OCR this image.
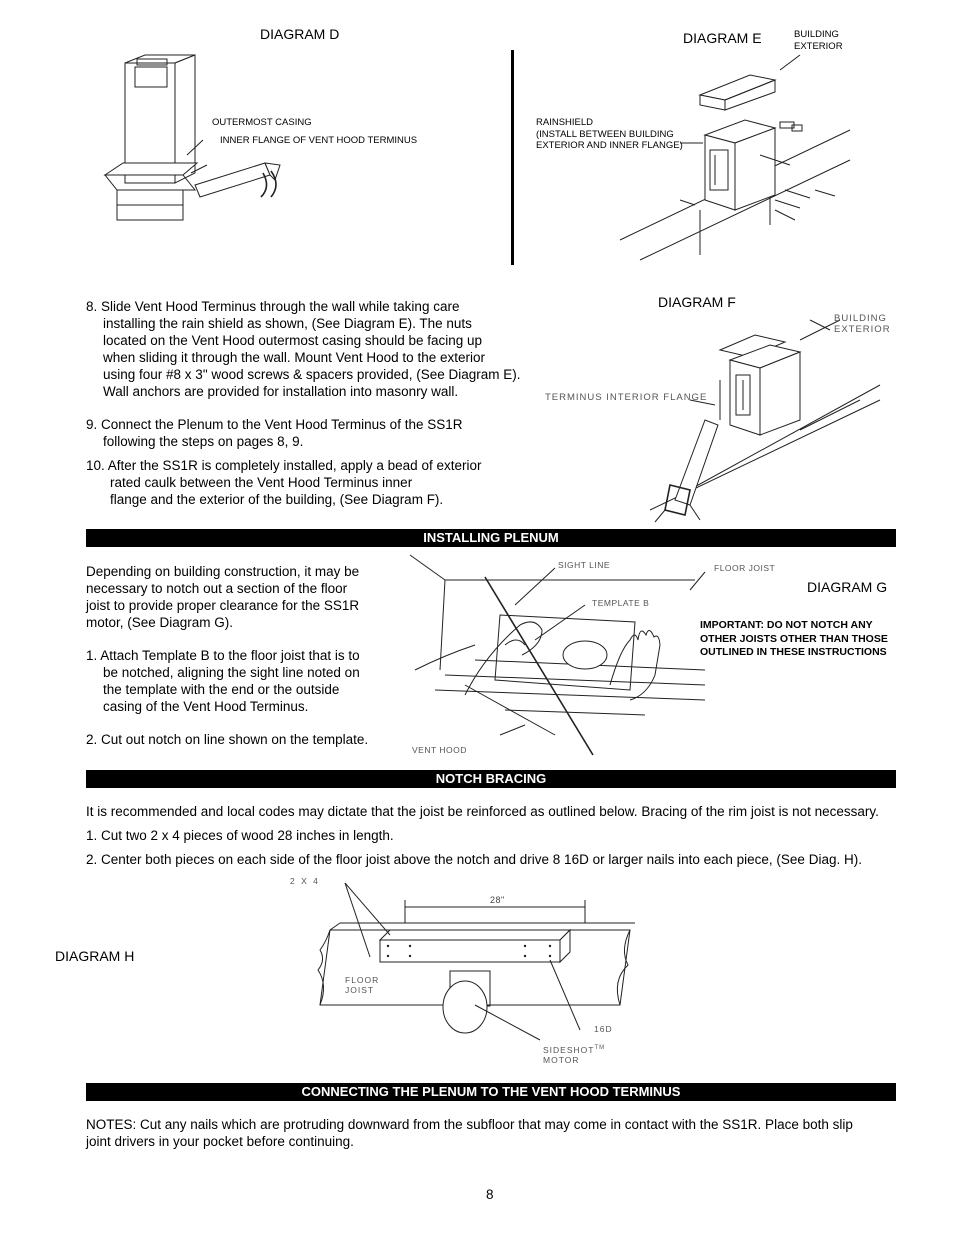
DIAGRAM D
OUTERMOST CASING
INNER FLANGE OF VENT HOOD TERMINUS
DIAGRAM E	BUILDING
EXTERIOR
RAINSHIELD
(INSTALL BETWEEN BUILDING
EXTERIOR AND INNER FLANGE)
8. Slide Vent Hood Terminus through the wall while taking care
installing the rain shield as shown, (See Diagram E). The nuts
located on the Vent Hood outermost casing should be facing up
when sliding it through the wall. Mount Vent Hood to the exterior
using four #8 x 3" wood screws & spacers provided, (See Diagram E).
Wall anchors are provided for installation into masonry wall.
9. Connect the Plenum to the Vent Hood Terminus of the SS1R
following the steps on pages 8, 9.
10. After the SS1R is completely installed, apply a bead of exterior
rated caulk between the Vent Hood Terminus inner
flange and the exterior of the building, (See Diagram F).
DIAGRAM F
BUILDING
EXTERIOR
TERMINUS INTERIOR FLANGE
INSTALLING PLENUM
Depending on building construction, it may be
necessary to notch out a section of the floor
joist to provide proper clearance for the SS1R
motor, (See Diagram G).
1. Attach Template B to the floor joist that is to
be notched, aligning the sight line noted on
the template with the end or the outside
casing of the Vent Hood Terminus.
2. Cut out notch on line shown on the template.
SIGHT LINE	FLOOR JOIST
TEMPLATE B
VENT HOOD
DIAGRAM G
IMPORTANT: DO NOT NOTCH ANY
OTHER JOISTS OTHER THAN THOSE
OUTLINED IN THESE INSTRUCTIONS
NOTCH BRACING
It is recommended and local codes may dictate that the joist be reinforced as outlined below. Bracing of the rim joist is not necessary.
1. Cut two 2 x 4 pieces of wood 28 inches in length.
2. Center both pieces on each side of the floor joist above the notch and drive 8 16D or larger nails into each piece, (See Diag. H).
DIAGRAM H
28"
2 X 4
FLOOR
JOIST
16D
SIDESHOT™
MOTOR
CONNECTING THE PLENUM TO THE VENT HOOD TERMINUS
NOTES: Cut any nails which are protruding downward from the subfloor that may come in contact with the SS1R. Place both slip
joint drivers in your pocket before continuing.
8
